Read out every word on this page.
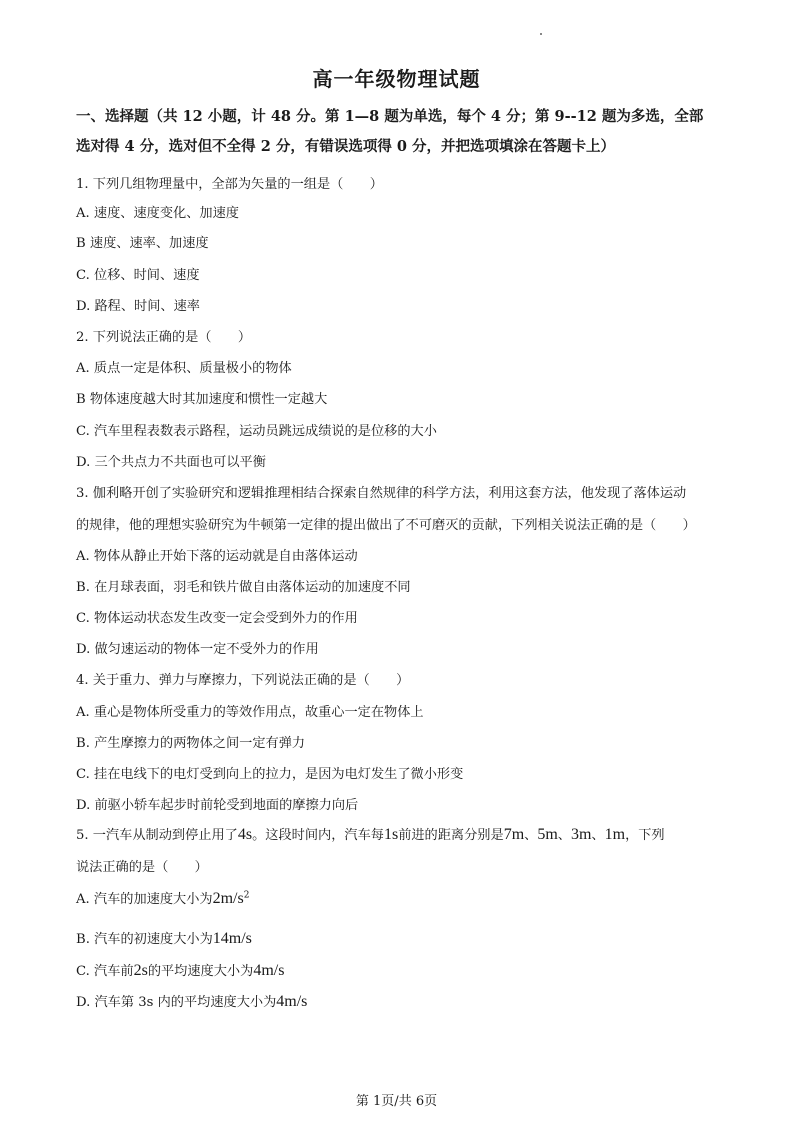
高一年级物理试题
一、选择题（共 12 小题，计 48 分。第 1—8 题为单选，每个 4 分；第 9--12 题为多选，全部
选对得 4 分，选对但不全得 2 分，有错误选项得 0 分，并把选项填涂在答题卡上）
1. 下列几组物理量中，全部为矢量的一组是（　　）
A. 速度、速度变化、加速度
B 速度、速率、加速度
C. 位移、时间、速度
D. 路程、时间、速率
2. 下列说法正确的是（　　）
A. 质点一定是体积、质量极小的物体
B 物体速度越大时其加速度和惯性一定越大
C. 汽车里程表数表示路程，运动员跳远成绩说的是位移的大小
D. 三个共点力不共面也可以平衡
3. 伽利略开创了实验研究和逻辑推理相结合探索自然规律的科学方法，利用这套方法，他发现了落体运动
的规律，他的理想实验研究为牛顿第一定律的提出做出了不可磨灭的贡献，下列相关说法正确的是（　　）
A. 物体从静止开始下落的运动就是自由落体运动
B. 在月球表面，羽毛和铁片做自由落体运动的加速度不同
C. 物体运动状态发生改变一定会受到外力的作用
D. 做匀速运动的物体一定不受外力的作用
4. 关于重力、弹力与摩擦力，下列说法正确的是（　　）
A. 重心是物体所受重力的等效作用点，故重心一定在物体上
B. 产生摩擦力的两物体之间一定有弹力
C. 挂在电线下的电灯受到向上的拉力，是因为电灯发生了微小形变
D. 前驱小轿车起步时前轮受到地面的摩擦力向后
5. 一汽车从制动到停止用了4s。这段时间内，汽车每1s前进的距离分别是7m、5m、3m、1m，下列
说法正确的是（　　）
A. 汽车的加速度大小为$2m/s^2$
B. 汽车的初速度大小为14m/s
C. 汽车前2s的平均速度大小为4m/s
D. 汽车第 3s 内的平均速度大小为4m/s
第 1页/共 6页
